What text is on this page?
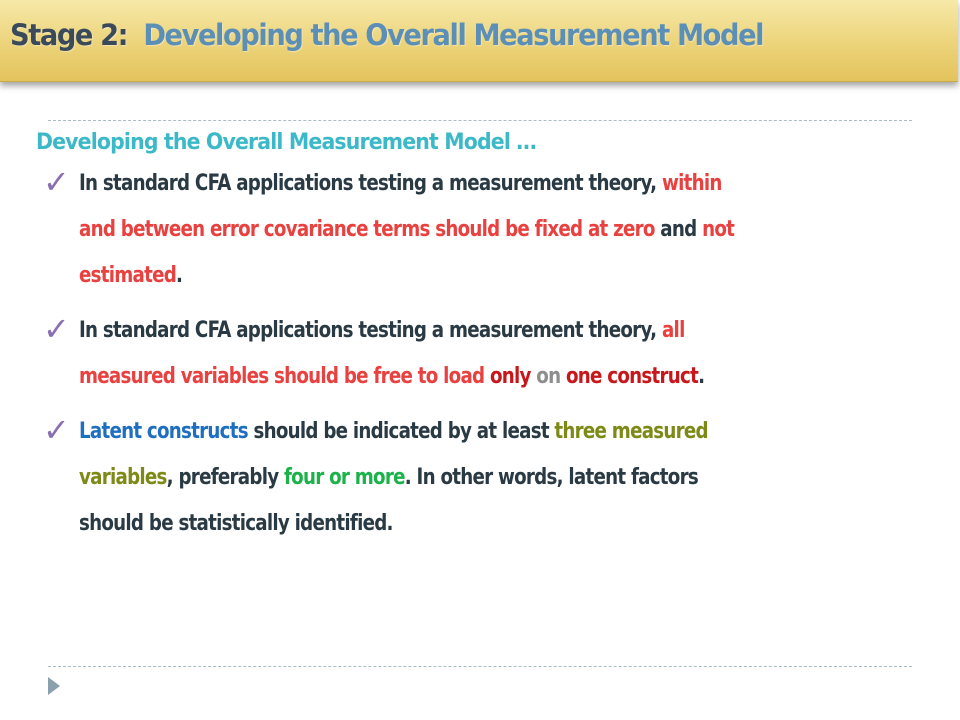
Stage 2: Developing the Overall Measurement Model

Developing the Overall Measurement Model …

✓ In standard CFA applications testing a measurement theory, within
and between error covariance terms should be fixed at zero and not
estimated.
✓ In standard CFA applications testing a measurement theory, all
measured variables should be free to load only on one construct.
✓ Latent constructs should be indicated by at least three measured
variables, preferably four or more. In other words, latent factors
should be statistically identified.
